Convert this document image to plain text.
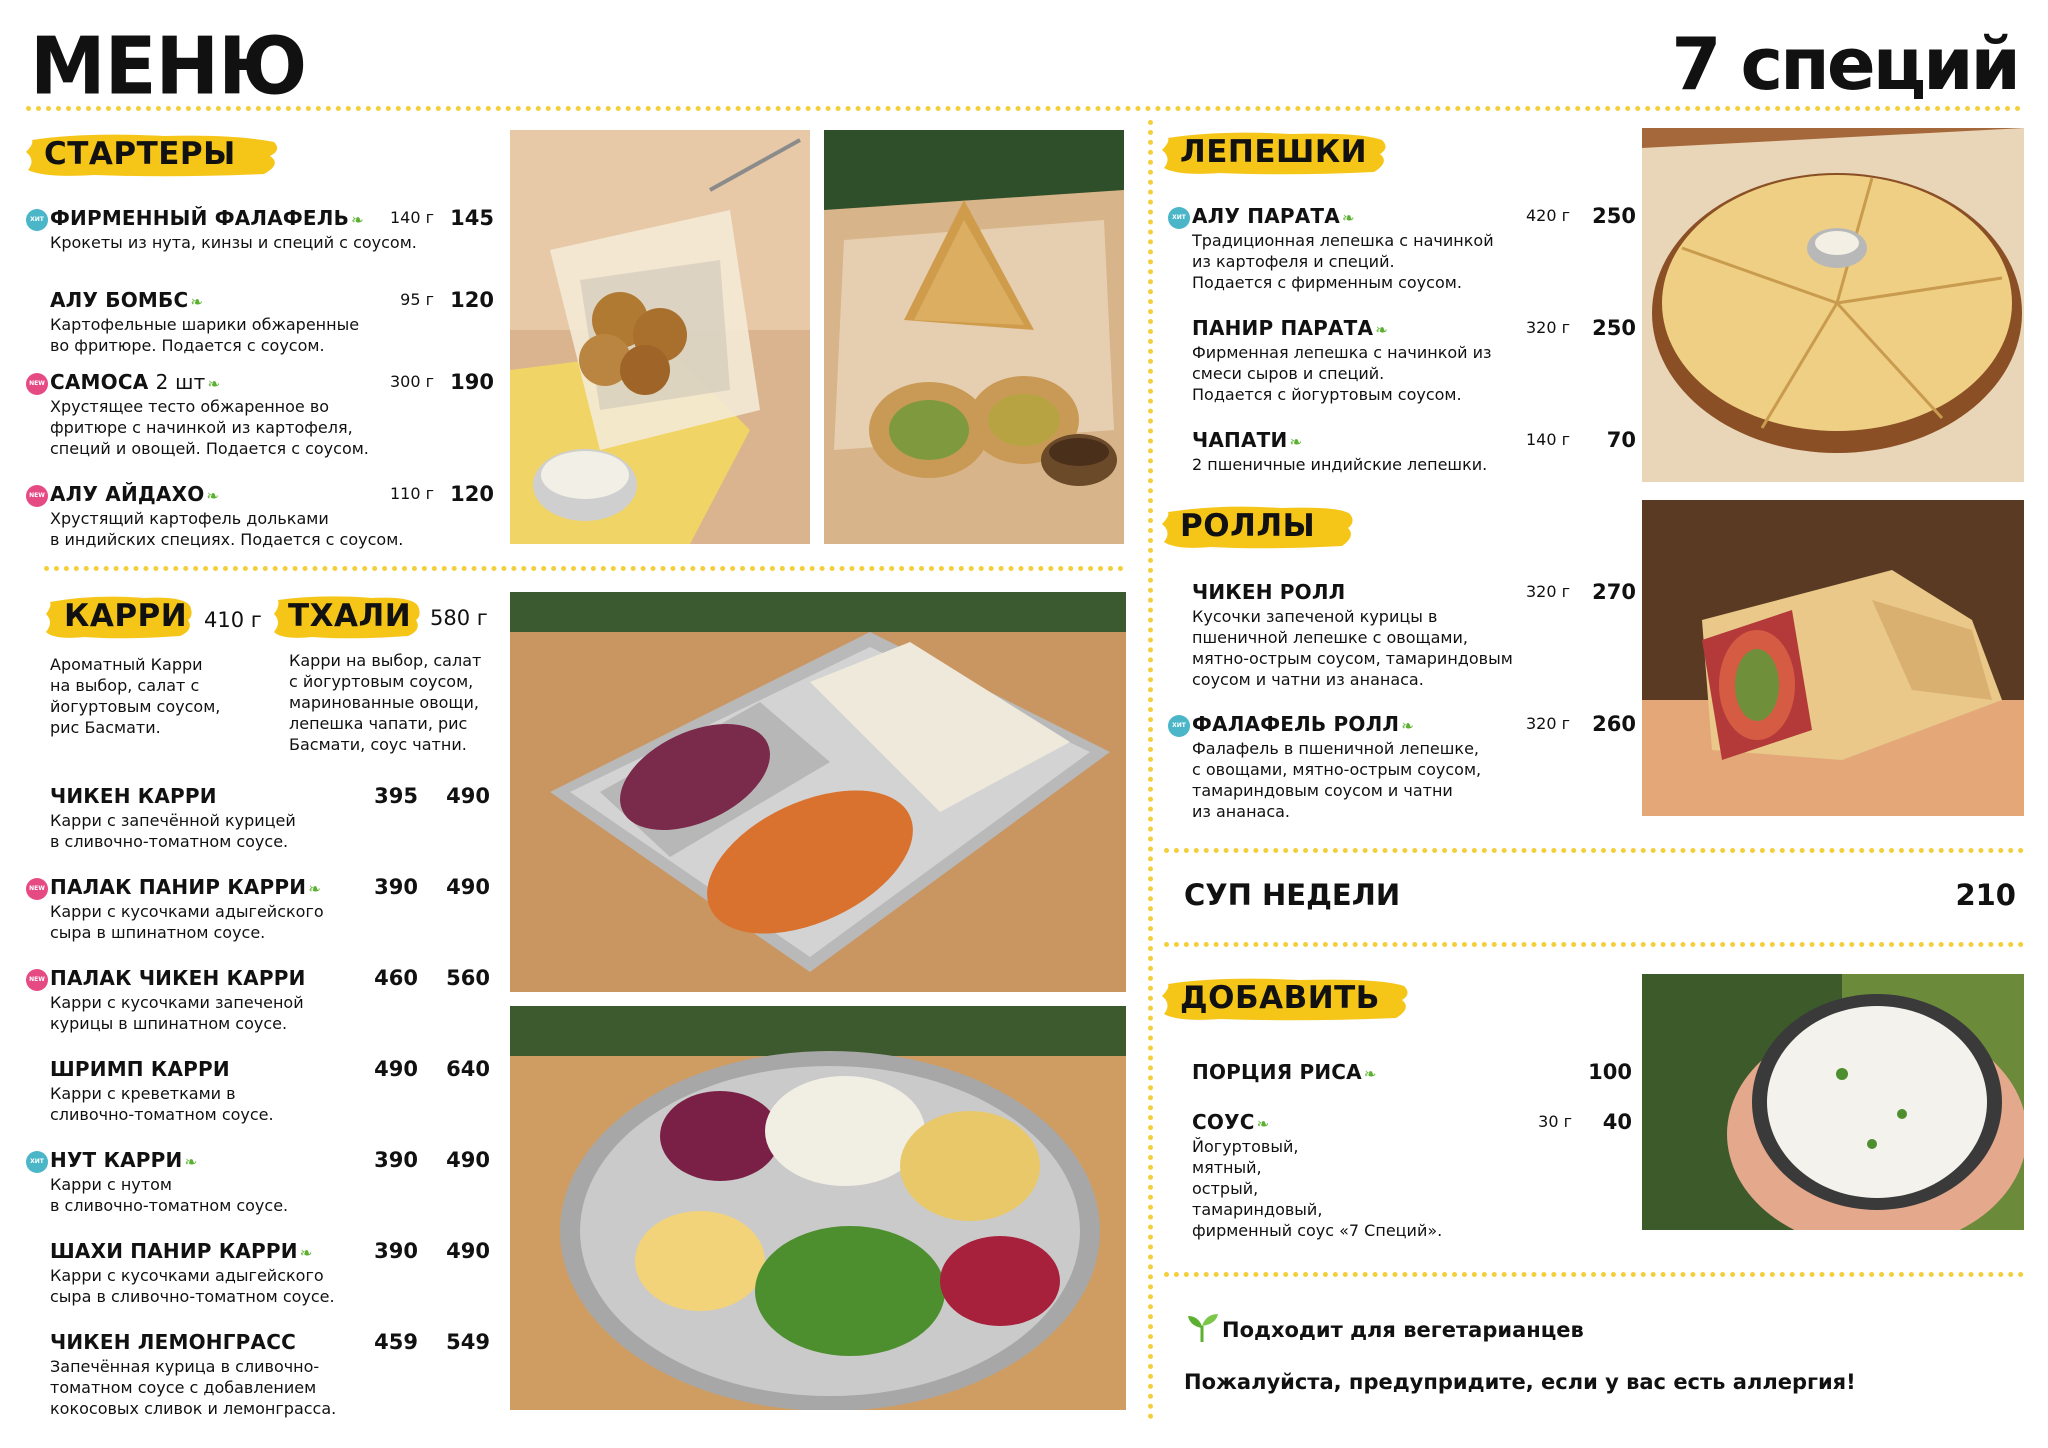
МЕНЮ	7 специй
СТАРТЕРЫ
ХИТ ФИРМЕННЫЙ ФАЛАФЕЛЬ ❧ 140 г 145
Крокеты из нута, кинзы и специй с соусом.
АЛУ БОМБС ❧	95 г 120
Картофельные шарики обжаренные
во фритюре. Подается с соусом.
NEW САМОСА 2 шт ❧	300 г 190
Хрустящее тесто обжаренное во
фритюре с начинкой из картофеля,
специй и овощей. Подается с соусом.
NEW АЛУ АЙДАХО ❧	110 г 120
Хрустящий картофель дольками
в индийских специях. Подается с соусом.
КАРРИ 410 г ТХАЛИ 580 г
Ароматный Карри
на выбор, салат с
йогуртовым соусом,
рис Басмати.
Карри на выбор, салат
с йогуртовым соусом,
маринованные овощи,
лепешка чапати, рис
Басмати, соус чатни.
ЧИКЕН КАРРИ	395 490
Карри с запечённой курицей
в сливочно-томатном соусе.
NEW ПАЛАК ПАНИР КАРРИ ❧	390 490
Карри с кусочками адыгейского
сыра в шпинатном соусе.
NEW ПАЛАК ЧИКЕН КАРРИ	460 560
Карри с кусочками запеченой
курицы в шпинатном соусе.
ШРИМП КАРРИ	490 640
Карри с креветками в
сливочно-томатном соусе.
ХИТ НУТ КАРРИ ❧	390 490
Карри с нутом
в сливочно-томатном соусе.
ШАХИ ПАНИР КАРРИ ❧	390 490
Карри с кусочками адыгейского
сыра в сливочно-томатном соусе.
ЧИКЕН ЛЕМОНГРАСС	459 549
Запечённая курица в сливочно-
томатном соусе с добавлением
кокосовых сливок и лемонграсса.
ЛЕПЕШКИ
ХИТ АЛУ ПАРАТА ❧	420 г 250
Традиционная лепешка с начинкой
из картофеля и специй.
Подается с фирменным соусом.
ПАНИР ПАРАТА ❧	320 г 250
Фирменная лепешка с начинкой из
смеси сыров и специй.
Подается с йогуртовым соусом.
ЧАПАТИ ❧	140 г 70
2 пшеничные индийские лепешки.
РОЛЛЫ
ЧИКЕН РОЛЛ	320 г 270
Кусочки запеченой курицы в
пшеничной лепешке с овощами,
мятно-острым соусом, тамариндовым
соусом и чатни из ананаса.
ХИТ ФАЛАФЕЛЬ РОЛЛ ❧	320 г 260
Фалафель в пшеничной лепешке,
с овощами, мятно-острым соусом,
тамариндовым соусом и чатни
из ананаса.
СУП НЕДЕЛИ	210
ДОБАВИТЬ
ПОРЦИЯ РИСА ❧	100
СОУС ❧	30 г 40
Йогуртовый,
мятный,
острый,
тамариндовый,
фирменный соус «7 Специй».
Подходит для вегетарианцев
Пожалуйста, предупридите, если у вас есть аллергия!
